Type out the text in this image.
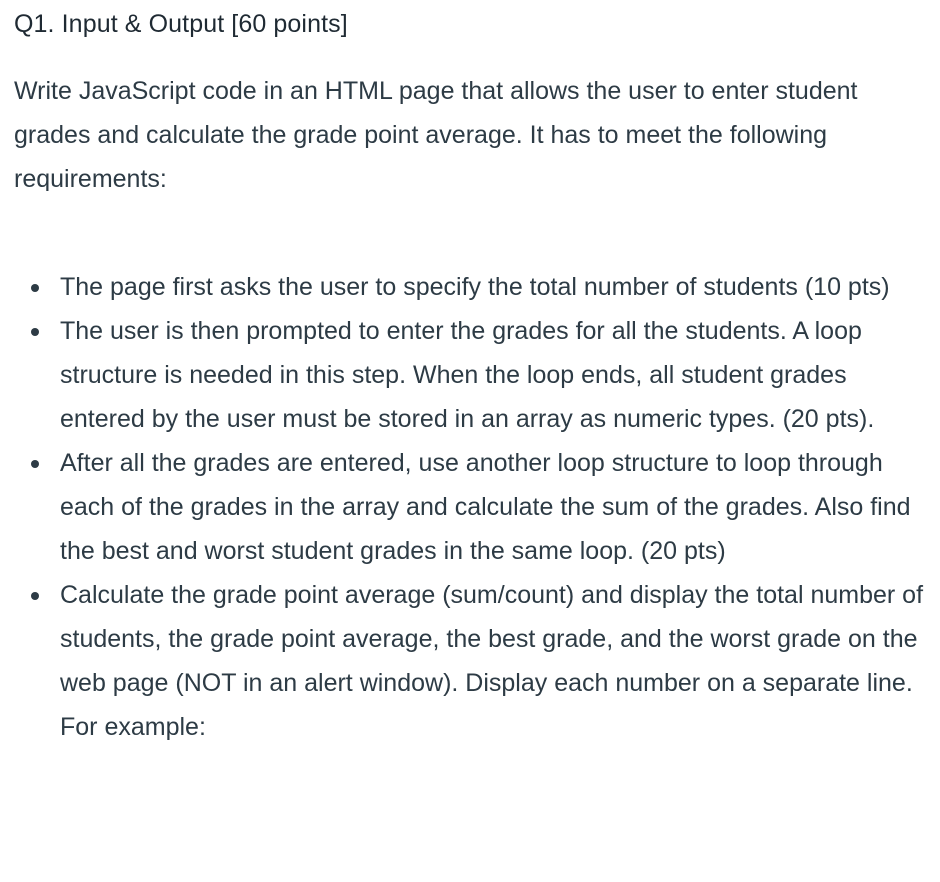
Q1. Input & Output [60 points]
Write JavaScript code in an HTML page that allows the user to enter student grades and calculate the grade point average. It has to meet the following requirements:
The page first asks the user to specify the total number of students (10 pts)
The user is then prompted to enter the grades for all the students. A loop structure is needed in this step. When the loop ends, all student grades entered by the user must be stored in an array as numeric types. (20 pts).
After all the grades are entered, use another loop structure to loop through each of the grades in the array and calculate the sum of the grades. Also find the best and worst student grades in the same loop. (20 pts)
Calculate the grade point average (sum/count) and display the total number of students, the grade point average, the best grade, and the worst grade on the web page (NOT in an alert window). Display each number on a separate line. For example:
